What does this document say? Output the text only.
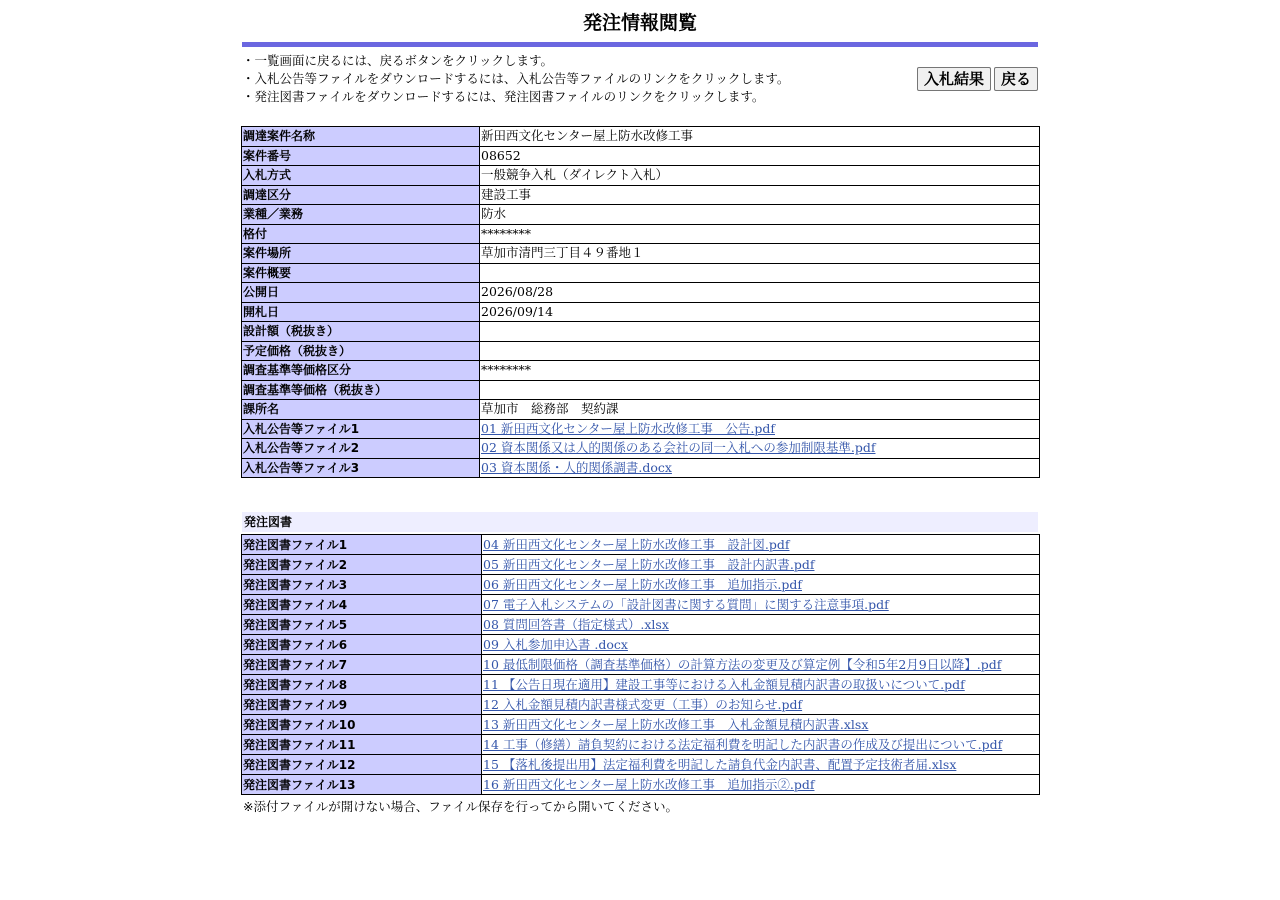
発注情報閲覧
・一覧画面に戻るには、戻るボタンをクリックします。
・入札公告等ファイルをダウンロードするには、入札公告等ファイルのリンクをクリックします。
・発注図書ファイルをダウンロードするには、発注図書ファイルのリンクをクリックします。
入札結果	戻る
調達案件名称	新田西文化センター屋上防水改修工事
案件番号	08652
入札方式	一般競争入札（ダイレクト入札）
調達区分	建設工事
業種／業務	防水
格付	********
案件場所	草加市清門三丁目４９番地１
案件概要	
公開日	2026/08/28
開札日	2026/09/14
設計額（税抜き）	
予定価格（税抜き）	
調査基準等価格区分	********
調査基準等価格（税抜き）	
課所名	草加市　総務部　契約課
入札公告等ファイル1	01 新田西文化センター屋上防水改修工事　公告.pdf
入札公告等ファイル2	02 資本関係又は人的関係のある会社の同一入札への参加制限基準.pdf
入札公告等ファイル3	03 資本関係・人的関係調書.docx
発注図書
発注図書ファイル1	04 新田西文化センター屋上防水改修工事　設計図.pdf
発注図書ファイル2	05 新田西文化センター屋上防水改修工事　設計内訳書.pdf
発注図書ファイル3	06 新田西文化センター屋上防水改修工事　追加指示.pdf
発注図書ファイル4	07 電子入札システムの「設計図書に関する質問」に関する注意事項.pdf
発注図書ファイル5	08 質問回答書（指定様式）.xlsx
発注図書ファイル6	09 入札参加申込書 .docx
発注図書ファイル7	10 最低制限価格（調査基準価格）の計算方法の変更及び算定例【令和5年2月9日以降】.pdf
発注図書ファイル8	11 【公告日現在適用】建設工事等における入札金額見積内訳書の取扱いについて.pdf
発注図書ファイル9	12 入札金額見積内訳書様式変更（工事）のお知らせ.pdf
発注図書ファイル10	13 新田西文化センター屋上防水改修工事　入札金額見積内訳書.xlsx
発注図書ファイル11	14 工事（修繕）請負契約における法定福利費を明記した内訳書の作成及び提出について.pdf
発注図書ファイル12	15 【落札後提出用】法定福利費を明記した請負代金内訳書、配置予定技術者届.xlsx
発注図書ファイル13	16 新田西文化センター屋上防水改修工事　追加指示②.pdf
※添付ファイルが開けない場合、ファイル保存を行ってから開いてください。
